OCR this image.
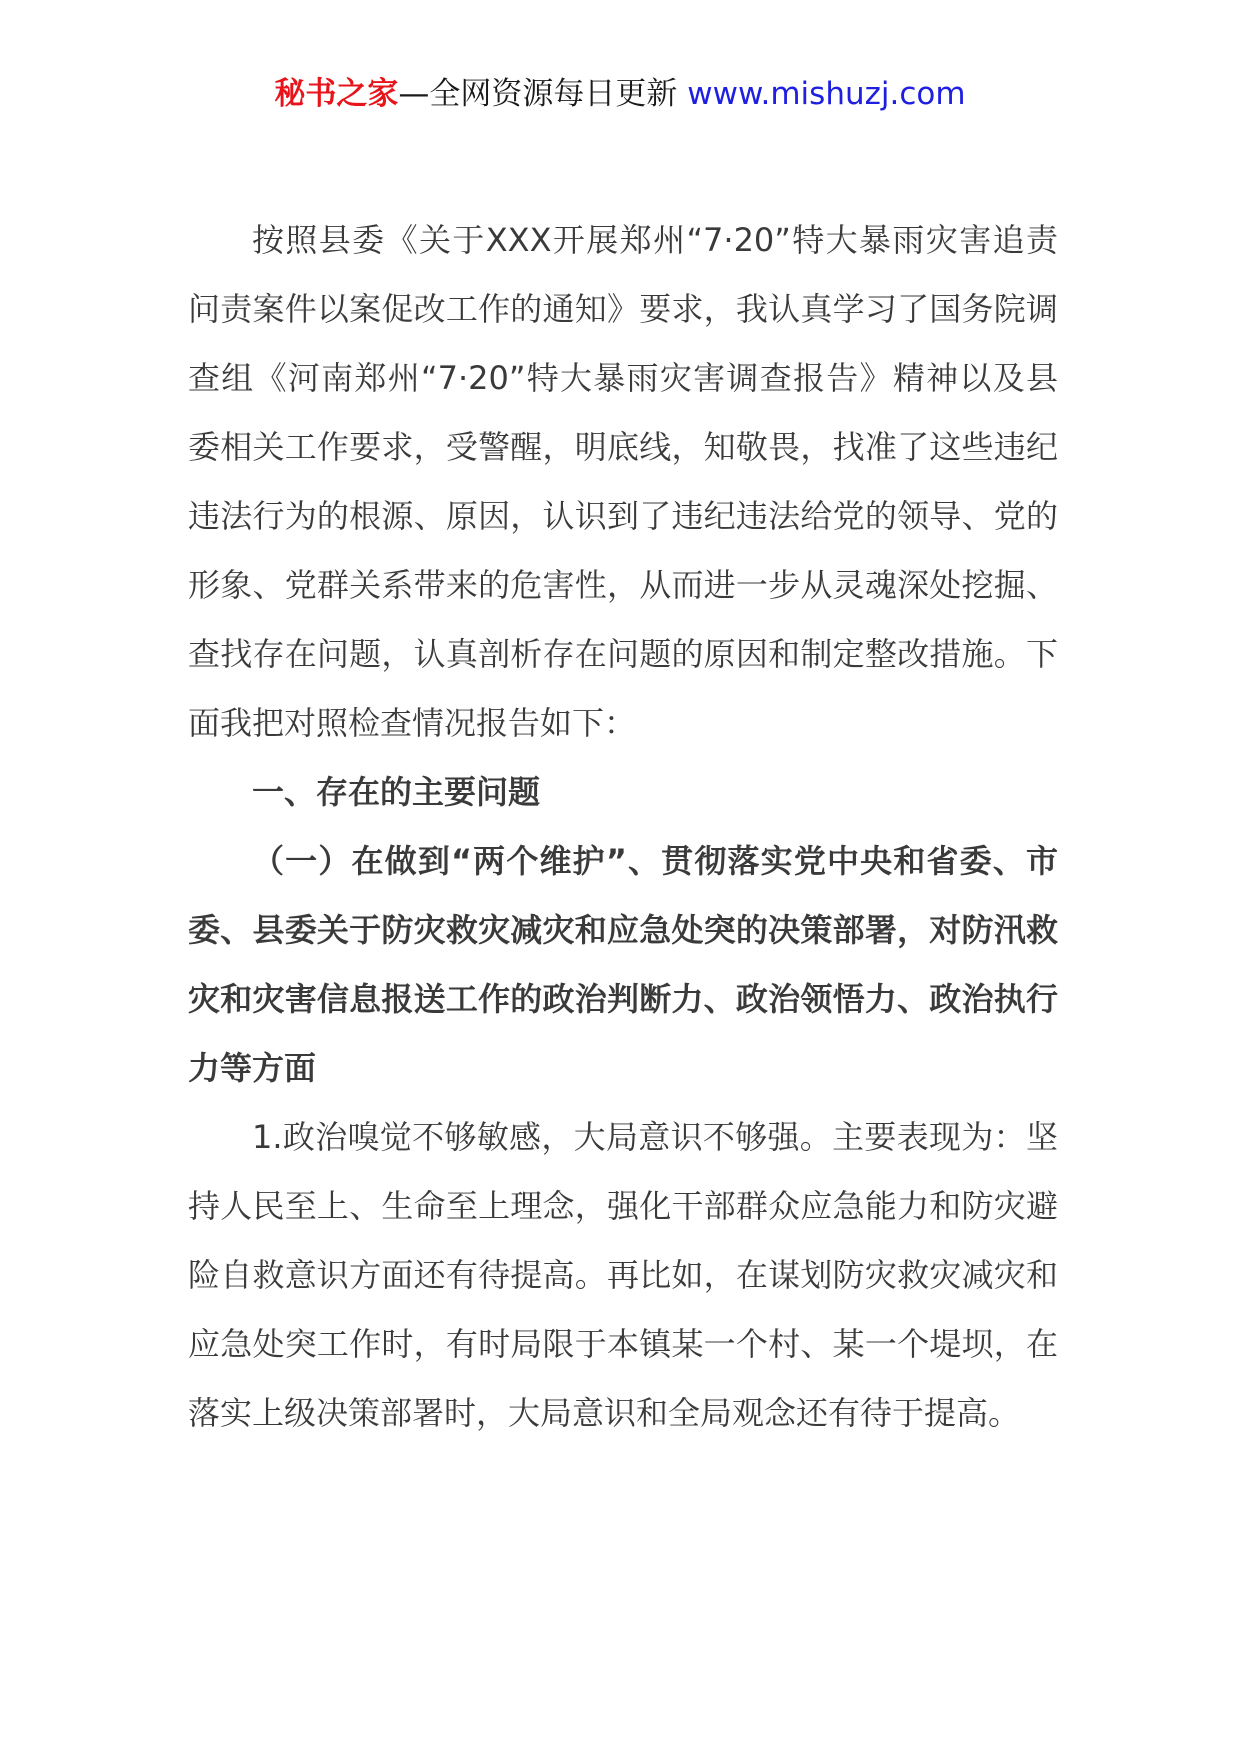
秘书之家—全网资源每日更新 www.mishuzj.com

按照县委《关于XXX开展郑州“7·20”特大暴雨灾害追责问责案件以案促改工作的通知》要求，我认真学习了国务院调查组《河南郑州“7·20”特大暴雨灾害调查报告》精神以及县委相关工作要求，受警醒，明底线，知敬畏，找准了这些违纪违法行为的根源、原因，认识到了违纪违法给党的领导、党的形象、党群关系带来的危害性，从而进一步从灵魂深处挖掘、查找存在问题，认真剖析存在问题的原因和制定整改措施。下面我把对照检查情况报告如下：

一、存在的主要问题

（一）在做到“两个维护”、贯彻落实党中央和省委、市委、县委关于防灾救灾减灾和应急处突的决策部署，对防汛救灾和灾害信息报送工作的政治判断力、政治领悟力、政治执行力等方面

1.政治嗅觉不够敏感，大局意识不够强。主要表现为：坚持人民至上、生命至上理念，强化干部群众应急能力和防灾避险自救意识方面还有待提高。再比如，在谋划防灾救灾减灾和应急处突工作时，有时局限于本镇某一个村、某一个堤坝，在落实上级决策部署时，大局意识和全局观念还有待于提高。
